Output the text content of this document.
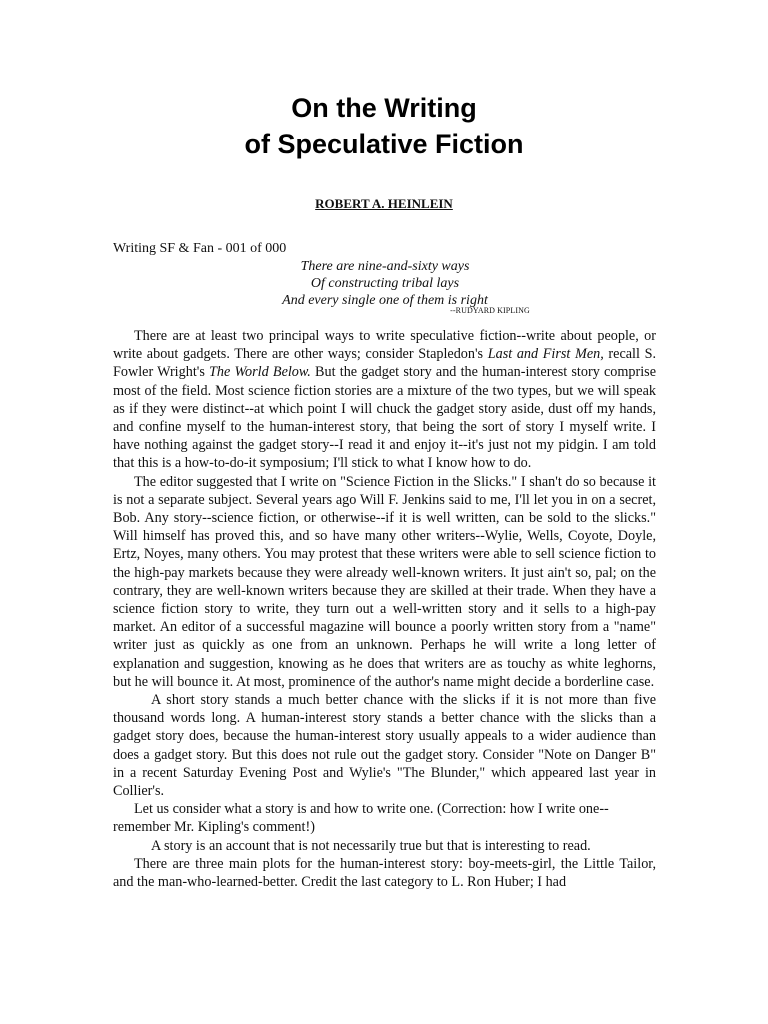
On the Writing
of Speculative Fiction
ROBERT A. HEINLEIN
Writing SF & Fan - 001 of 000
There are nine-and-sixty ways
Of constructing tribal lays
And every single one of them is right
--RUDYARD KIPLING

There are at least two principal ways to write speculative fiction--write about people, or write about gadgets. There are other ways; consider Stapledon's Last and First Men, recall S. Fowler Wright's The World Below. But the gadget story and the human-interest story comprise most of the field. Most science fiction stories are a mixture of the two types, but we will speak as if they were distinct--at which point I will chuck the gadget story aside, dust off my hands, and confine myself to the human-interest story, that being the sort of story I myself write. I have nothing against the gadget story--I read it and enjoy it--it's just not my pidgin. I am told that this is a how-to-do-it symposium; I'll stick to what I know how to do.

The editor suggested that I write on "Science Fiction in the Slicks." I shan't do so because it is not a separate subject. Several years ago Will F. Jenkins said to me, I'll let you in on a secret, Bob. Any story--science fiction, or otherwise--if it is well written, can be sold to the slicks." Will himself has proved this, and so have many other writers--Wylie, Wells, Coyote, Doyle, Ertz, Noyes, many others. You may protest that these writers were able to sell science fiction to the high-pay markets because they were already well-known writers. It just ain't so, pal; on the contrary, they are well-known writers because they are skilled at their trade. When they have a science fiction story to write, they turn out a well-written story and it sells to a high-pay market. An editor of a successful magazine will bounce a poorly written story from a "name" writer just as quickly as one from an unknown. Perhaps he will write a long letter of explanation and suggestion, knowing as he does that writers are as touchy as white leghorns, but he will bounce it. At most, prominence of the author's name might decide a borderline case.

A short story stands a much better chance with the slicks if it is not more than five thousand words long. A human-interest story stands a better chance with the slicks than a gadget story does, because the human-interest story usually appeals to a wider audience than does a gadget story. But this does not rule out the gadget story. Consider "Note on Danger B" in a recent Saturday Evening Post and Wylie's "The Blunder," which appeared last year in Collier's.

Let us consider what a story is and how to write one. (Correction: how I write one--remember Mr. Kipling's comment!)

A story is an account that is not necessarily true but that is interesting to read.

There are three main plots for the human-interest story: boy-meets-girl, the Little Tailor, and the man-who-learned-better. Credit the last category to L. Ron Huber; I had
